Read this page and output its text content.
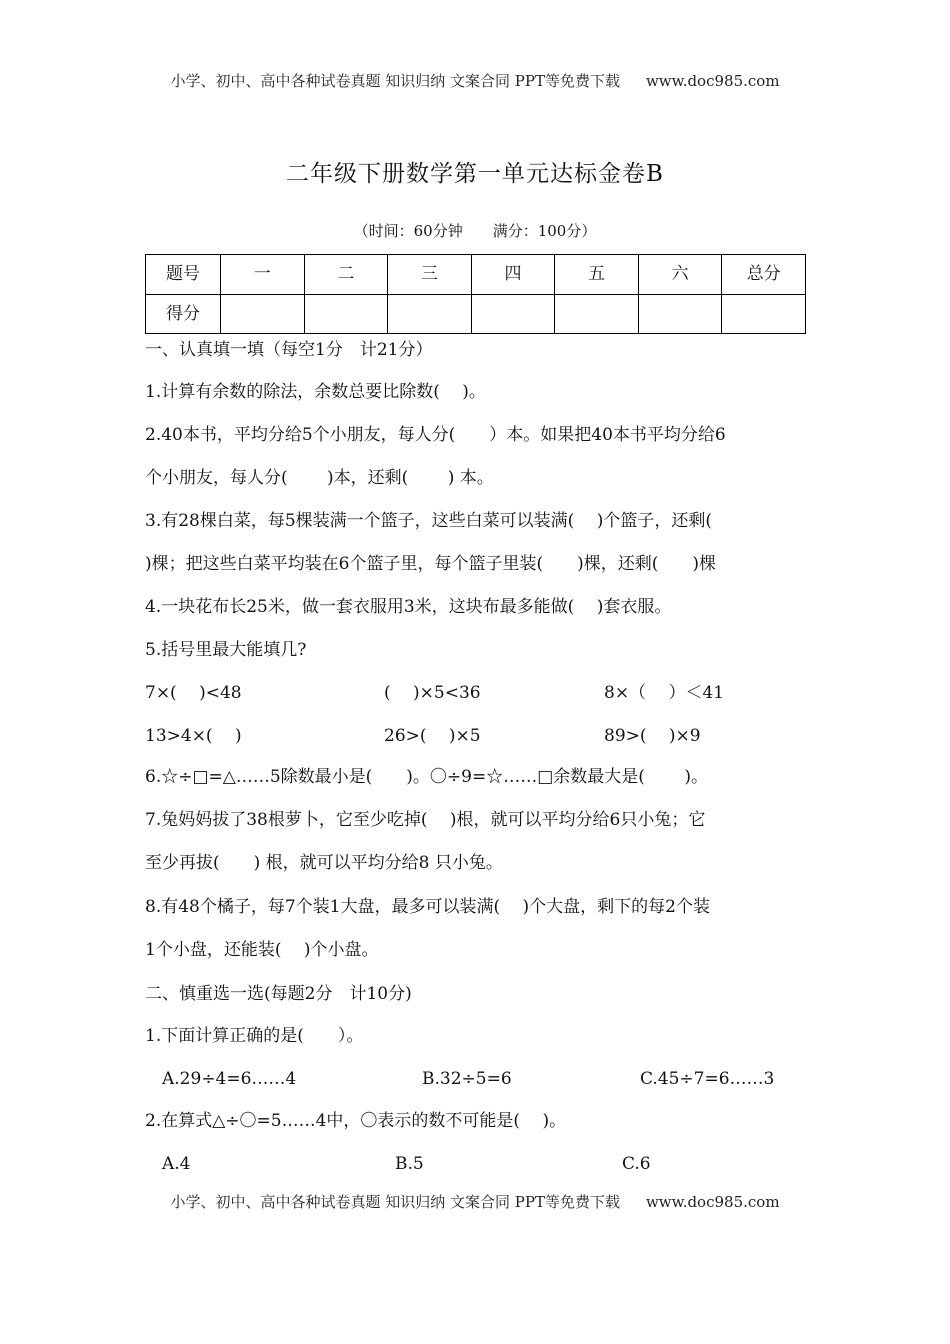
小学、初中、高中各种试卷真题 知识归纳 文案合同 PPT等免费下载 www.doc985.com
二年级下册数学第一单元达标金卷B
（时间：60分钟 满分：100分）
题号	一	二	三	四	五	六	总分
得分							
一、认真填一填（每空1分　计21分）
1.计算有余数的除法，余数总要比除数(　 )。
2.40本书，平均分给5个小朋友，每人分(　　）本。如果把40本书平均分给6
个小朋友，每人分(　　 )本，还剩(　　 ) 本。
3.有28棵白菜，每5棵装满一个篮子，这些白菜可以装满(　 )个篮子，还剩(
)棵；把这些白菜平均装在6个篮子里，每个篮子里装(　　)棵，还剩(　　)棵
4.一块花布长25米，做一套衣服用3米，这块布最多能做(　 )套衣服。
5.括号里最大能填几?
7×(　 )<48	(　 )×5<36	8×（　 ）＜41
13>4×(　 )	26>(　 )×5	89>(　 )×9
6.☆÷□=△……5除数最小是(　　)。〇÷9=☆……□余数最大是(　　 )。
7.兔妈妈拔了38根萝卜，它至少吃掉(　 )根，就可以平均分给6只小兔；它
至少再拔(　　) 根，就可以平均分给8 只小兔。
8.有48个橘子，每7个装1大盘，最多可以装满(　 )个大盘，剩下的每2个装
1个小盘，还能装(　 )个小盘。
二、慎重选一选(每题2分　计10分)
1.下面计算正确的是(　　）。
A.29÷4=6……4	B.32÷5=6	C.45÷7=6……3
2.在算式△÷〇=5……4中，〇表示的数不可能是(　 )。
A.4	B.5	C.6
小学、初中、高中各种试卷真题 知识归纳 文案合同 PPT等免费下载 www.doc985.com
